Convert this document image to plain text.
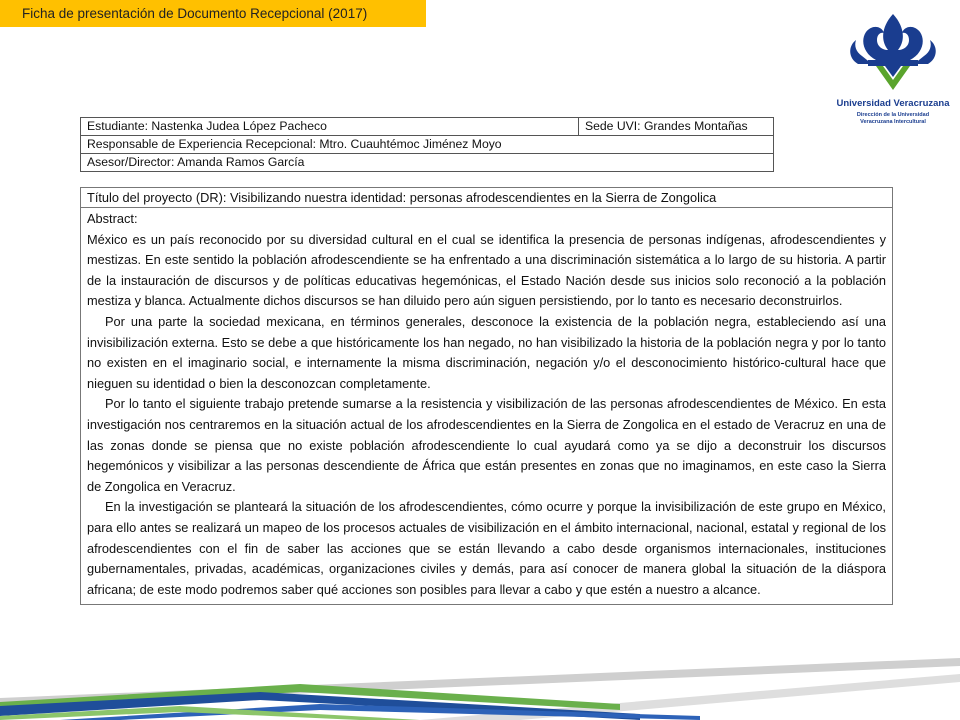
Ficha de presentación de Documento Recepcional (2017)
Universidad Veracruzana
Dirección de la Universidad
Veracruzana Intercultural
Estudiante: Nastenka Judea López Pacheco	Sede UVI: Grandes Montañas
Responsable de Experiencia Recepcional: Mtro. Cuauhtémoc Jiménez Moyo
Asesor/Director: Amanda Ramos García
Título del proyecto (DR): Visibilizando nuestra identidad: personas afrodescendientes en la Sierra de Zongolica
Abstract:

México es un país reconocido por su diversidad cultural en el cual se identifica la presencia de personas indígenas, afrodescendientes y mestizas. En este sentido la población afrodescendiente se ha enfrentado a una discriminación sistemática a lo largo de su historia. A partir de la instauración de discursos y de políticas educativas hegemónicas, el Estado Nación desde sus inicios solo reconoció a la población mestiza y blanca. Actualmente dichos discursos se han diluido pero aún siguen persistiendo, por lo tanto es necesario deconstruirlos.

Por una parte la sociedad mexicana, en términos generales, desconoce la existencia de la población negra, estableciendo así una invisibilización externa. Esto se debe a que históricamente los han negado, no han visibilizado la historia de la población negra y por lo tanto no existen en el imaginario social, e internamente la misma discriminación, negación y/o el desconocimiento histórico-cultural hace que nieguen su identidad o bien la desconozcan completamente.

Por lo tanto el siguiente trabajo pretende sumarse a la resistencia y visibilización de las personas afrodescendientes de México. En esta investigación nos centraremos en la situación actual de los afrodescendientes en la Sierra de Zongolica en el estado de Veracruz en una de las zonas donde se piensa que no existe población afrodescendiente lo cual ayudará como ya se dijo a deconstruir los discursos hegemónicos y visibilizar a las personas descendiente de África que están presentes en zonas que no imaginamos, en este caso la Sierra de Zongolica en Veracruz.

En la investigación se planteará la situación de los afrodescendientes, cómo ocurre y porque la invisibilización de este grupo en México, para ello antes se realizará un mapeo de los procesos actuales de visibilización en el ámbito internacional, nacional, estatal y regional de los afrodescendientes con el fin de saber las acciones que se están llevando a cabo desde organismos internacionales, instituciones gubernamentales, privadas, académicas, organizaciones civiles y demás, para así conocer de manera global la situación de la diáspora africana; de este modo podremos saber qué acciones son posibles para llevar a cabo y que estén a nuestro a alcance.
